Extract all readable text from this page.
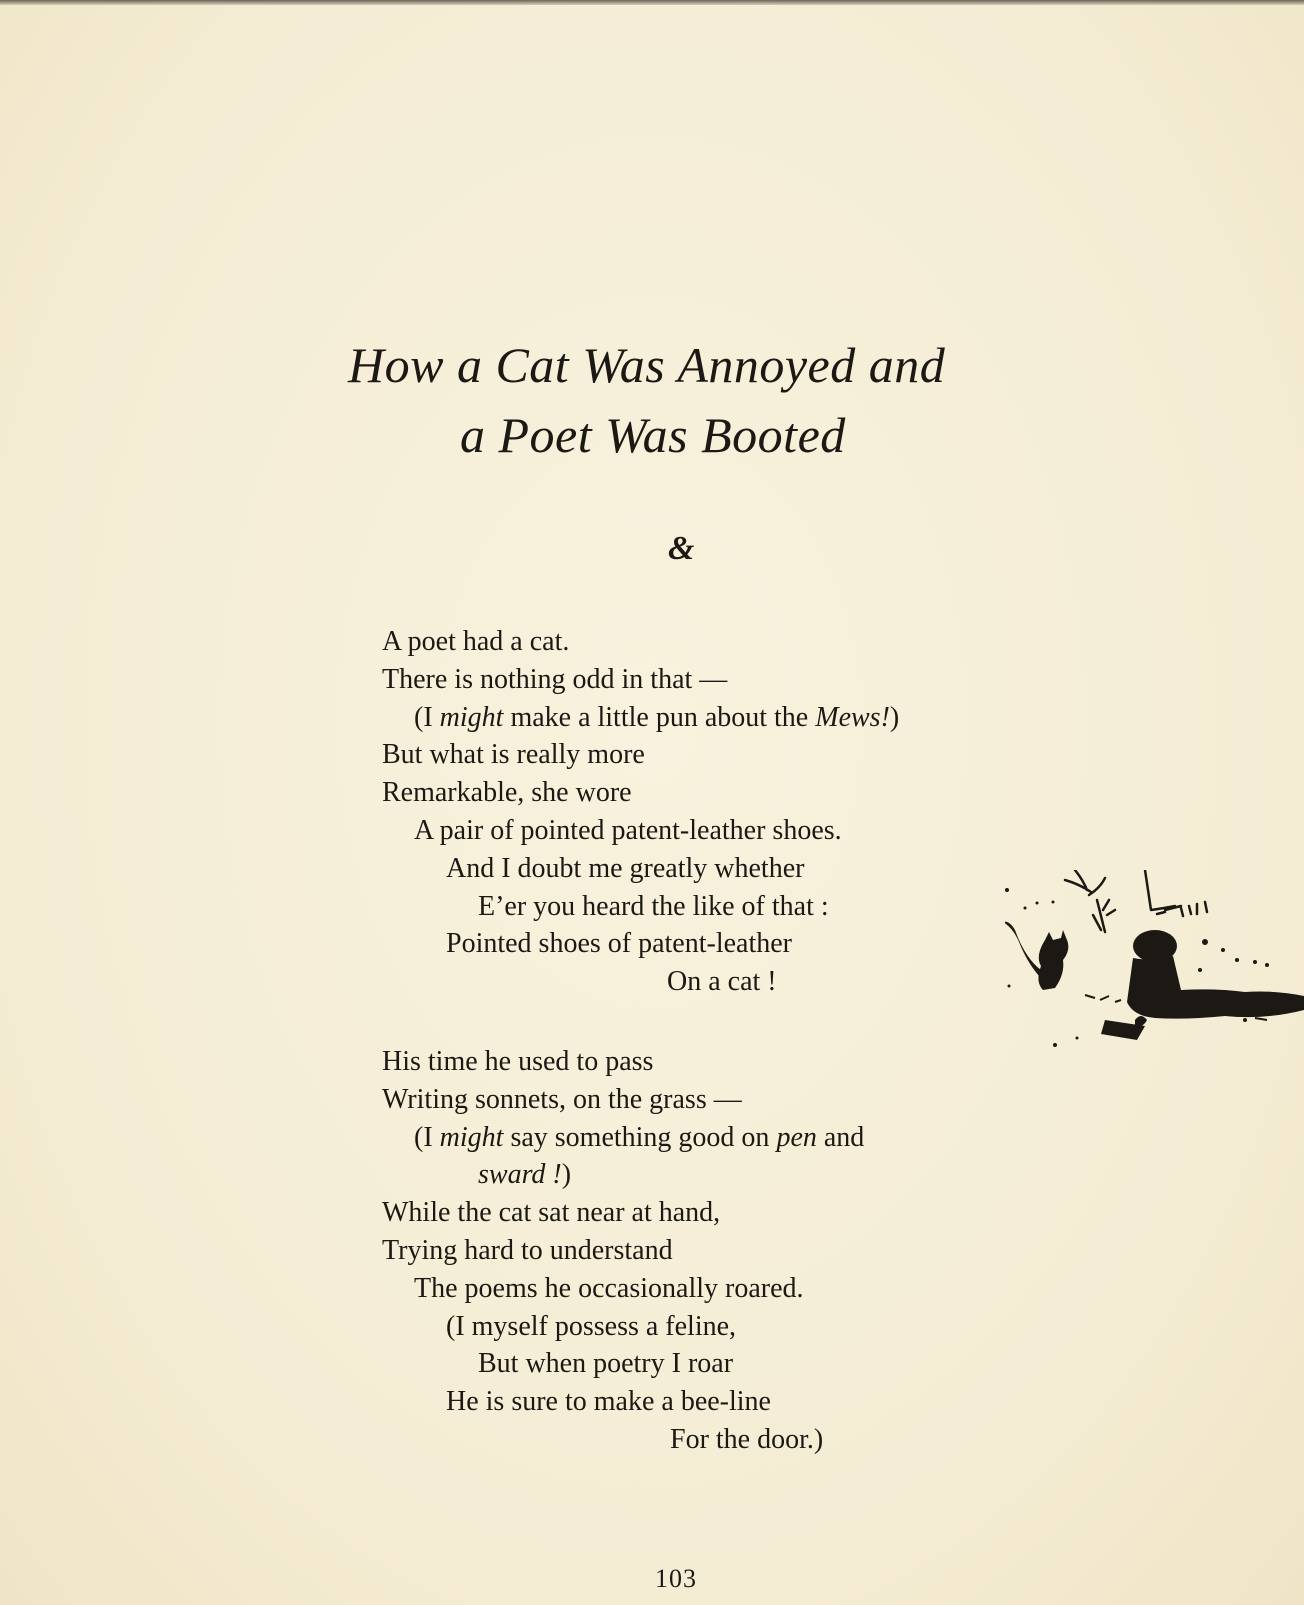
How a Cat Was Annoyed and
a Poet Was Booted
&
A poet had a cat.
There is nothing odd in that —
(I might make a little pun about the Mews!)
But what is really more
Remarkable, she wore
A pair of pointed patent-leather shoes.
And I doubt me greatly whether
E’er you heard the like of that :
Pointed shoes of patent-leather
On a cat !
His time he used to pass
Writing sonnets, on the grass —
(I might say something good on pen and
sward !)
While the cat sat near at hand,
Trying hard to understand
The poems he occasionally roared.
(I myself possess a feline,
But when poetry I roar
He is sure to make a bee-line
For the door.)
103
